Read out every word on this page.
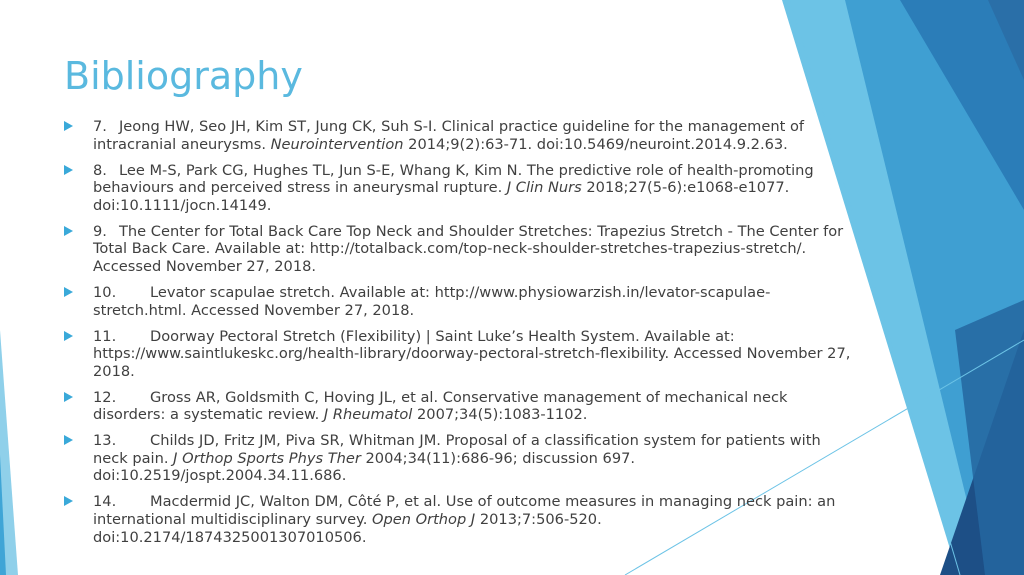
Bibliography
7. Jeong HW, Seo JH, Kim ST, Jung CK, Suh S-I. Clinical practice guideline for the management of intracranial aneurysms. Neurointervention 2014;9(2):63-71. doi:10.5469/neuroint.2014.9.2.63.
8. Lee M-S, Park CG, Hughes TL, Jun S-E, Whang K, Kim N. The predictive role of health-promoting behaviours and perceived stress in aneurysmal rupture. J Clin Nurs 2018;27(5-6):e1068-e1077. doi:10.1111/jocn.14149.
9. The Center for Total Back Care Top Neck and Shoulder Stretches: Trapezius Stretch - The Center for Total Back Care. Available at: http://totalback.com/top-neck-shoulder-stretches-trapezius-stretch/. Accessed November 27, 2018.
10. Levator scapulae stretch. Available at: http://www.physiowarzish.in/levator-scapulae-stretch.html. Accessed November 27, 2018.
11. Doorway Pectoral Stretch (Flexibility) | Saint Luke’s Health System. Available at: https://www.saintlukeskc.org/health-library/doorway-pectoral-stretch-flexibility. Accessed November 27, 2018.
12. Gross AR, Goldsmith C, Hoving JL, et al. Conservative management of mechanical neck disorders: a systematic review. J Rheumatol 2007;34(5):1083-1102.
13. Childs JD, Fritz JM, Piva SR, Whitman JM. Proposal of a classification system for patients with neck pain. J Orthop Sports Phys Ther 2004;34(11):686-96; discussion 697. doi:10.2519/jospt.2004.34.11.686.
14. Macdermid JC, Walton DM, Côté P, et al. Use of outcome measures in managing neck pain: an international multidisciplinary survey. Open Orthop J 2013;7:506-520. doi:10.2174/1874325001307010506.
